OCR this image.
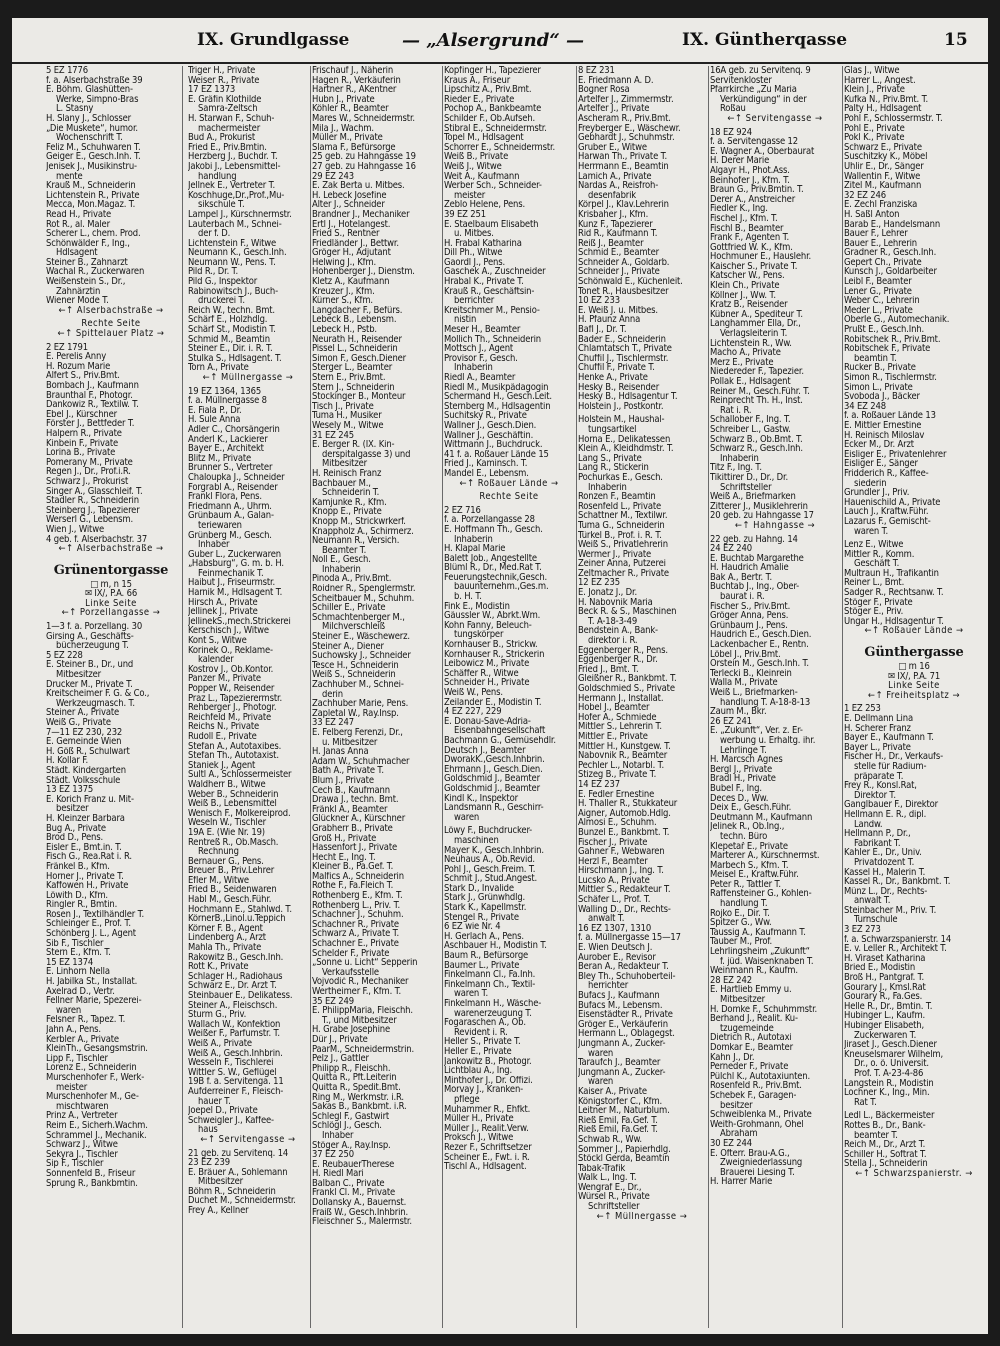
IX. Grundlgasse	— „Alsergrund“ —	IX. Güntherqasse	15
5 EZ 1776
f. a. Alserbachstraße 39
E. Böhm. Glashütten-
Werke, Simpno-Bras
L. Stasny
H. Slany J., Schlosser
„Die Muskete“, humor.
Wochenschrift T.
Feliz M., Schuhwaren T.
Geiger E., Gesch.Inh. T.
Jenisek J., Musikinstru-
mente
Krauß M., Schneiderin
Lichtenstein R., Private
Mecca, Mon.Magaz. T.
Read H., Private
Rot R., al. Maler
Scherer L., chem. Prod.
Schönwälder F., Ing.,
Hdlsagent
Steiner B., Zahnarzt
Wachal R., Zuckerwaren
Weißenstein S., Dr.,
Zahnärztin
Wiener Mode T.
←↑ Alserbachstraße →

Rechte Seite
←↑ Spittelauer Platz →

2 EZ 1791
E. Perelis Anny
H. Rozum Marie
Alfert S., Priv.Bmt.
Bombach J., Kaufmann
Braunthal F., Photogr.
Dankowiz R., Textilw. T.
Ebel J., Kürschner
Förster J., Bettfeder T.
Halpern R., Private
Kinbein F., Private
Lorina B., Private
Pomerany M., Private
Regen J., Dr., Prof.i.R.
Schwarz J., Prokurist
Singer A., Glasschleif. T.
Stadler R., Schneiderin
Steinberg J., Tapezierer
Werserl G., Lebensm.
Wien J., Witwe
4 geb. f. Alserbachstr. 37
←↑ Alserbachstraße →

Grünentorgasse
□ m, n 15
✉ IX/, P.A. 66
Linke Seite
←↑ Porzellangasse →

1—3 f. a. Porzellang. 30
Girsing A., Geschäfts-
bücherzeugung T.
5 EZ 228
E. Steiner B., Dr., und
Mitbesitzer
Drucker M., Private T.
Kreitscheimer F. G. & Co.,
Werkzeugmasch. T.
Steiner A., Private
Weiß G., Private
7—11 EZ 230, 232
E. Gemeinde Wien
H. Göß R., Schulwart
H. Kollar F.
Städt. Kindergarten
Städt. Volksschule
13 EZ 1375
E. Korich Franz u. Mit-
besitzer
H. Kleinzer Barbara
Bug A., Private
Brod D., Pens.
Eisler E., Bmt.in. T.
Fisch G., Rea.Rat i. R.
Fränkel B., Kfm.
Horner J., Private T.
Kaffowen H., Private
Löwith D., Kfm.
Ringler R., Bmtin.
Rosen J., Textilhändler T.
Schleinger E., Prof. T.
Schönberg J. L., Agent
Sib F., Tischler
Stern E., Kfm. T.
15 EZ 1374
E. Linhorn Nella
H. Jabilka St., Installat.
Axelrad D., Vertr.
Fellner Marie, Spezerei-
waren
Felsner R., Tapez. T.
Jahn A., Pens.
Kerbler A., Private
KleinTh., Gesangsmstrin.
Lipp F., Tischler
Lorenz E., Schneiderin
Murschenhofer F., Werk-
meister
Murschenhofer M., Ge-
mischtwaren
Prinz A., Vertreter
Reim E., Sicherh.Wachm.
Schrammel J., Mechanik.
Schwarz J., Witwe
Sekyra J., Tischler
Sip F., Tischler
Sonnenfeld B., Friseur
Sprung R., Bankbmtin.
Triger H., Private
Weiser R., Private
17 EZ 1373
E. Gräfin Klothilde
Samra-Zeltsch
H. Starwan F., Schuh-
machermeister
Bud A., Prokurist
Fried E., Priv.Bmtin.
Herzberg J., Buchdr. T.
Jakobi J., Lebensmittel-
handlung
Jellnek E., Vertreter T.
Koschhuge,Dr.,Prof.,Mu-
sikschule T.
Lampel J., Kürschnermstr.
Lauterbach M., Schnei-
der f. D.
Lichtenstein F., Witwe
Neumann K., Gesch.Inh.
Neumann W., Pens. T.
Pild R., Dr. T.
Pild G., Inspektor
Rabinowitsch J., Buch-
druckerei T.
Reich W., techn. Bmt.
Schärf E., Holzhdlg.
Schärf St., Modistin T.
Schmid M., Beamtin
Steiner E., Dir. i. R. T.
Stulka S., Hdlsagent. T.
Torn A., Private
←↑ Müllnergasse →

19 EZ 1364, 1365
f. a. Müllnergasse 8
E. Fiala P., Dr.
H. Sule Anna
Adler C., Chorsängerin
Anderl K., Lackierer
Bayer E., Architekt
Blitz M., Private
Brunner S., Vertreter
Chaloupka J., Schneider
Forgrabl A., Reisender
Frankl Flora, Pens.
Friedmann A., Uhrm.
Grünbaum A., Galan-
teriewaren
Grünberg M., Gesch.
Inhaber
Guber L., Zuckerwaren
„Habsburg“, G. m. b. H.
Feinmechanik T.
Haibut J., Friseurmstr.
Harnik M., Hdlsagent T.
Hirsch A., Private
Jellinek J., Private
JellinekS.,mech.Strickerei
Kerschisch J., Witwe
Kont S., Witwe
Korinek O., Reklame-
kalender
Kostrov J., Ob.Kontor.
Panzer M., Private
Popper W., Reisender
Praz L., Tapezierermstr.
Rehberger J., Photogr.
Reichfeld M., Private
Reichs N., Private
Rudoll E., Private
Stefan A., Autotaxibes.
Stefan Th., Autotaxist.
Staniek J., Agent
Sultl A., Schlossermeister
Waldherr B., Witwe
Weber B., Schneiderin
Weiß B., Lebensmittel
Wenisch F., Molkereiprod.
Weseln W., Tischler
19A E. (Wie Nr. 19)
Rentreß R., Ob.Masch.
Rechnung
Bernauer G., Pens.
Breuer B., Priv.Lehrer
Efler M., Witwe
Fried B., Seidenwaren
Habl M., Gesch.Führ.
Hochmann E., Stahlwd. T.
KörnerB.,Linol.u.Teppich
Körner F. B., Agent
Lindenberg A., Arzt
Mahla Th., Private
Rakowitz B., Gesch.Inh.
Rott K., Private
Schlager H., Radiohaus
Schwarz E., Dr. Arzt T.
Steinbauer E., Delikatess.
Steiner A., Fleischsch.
Sturm G., Priv.
Wallach W., Konfektion
Weißer F., Parfumstr. T.
Weiß A., Private
Weiß A., Gesch.Inhbrin.
Wesseln F., Tischlerei
Wittler S. W., Geflügel
19B f. a. Servitenga. 11
Aufderreiner F., Fleisch-
hauer T.
Joepel D., Private
Schweigler J., Kaffee-
haus
←↑ Servitengasse →

21 geb. zu Servitenq. 14
23 EZ 239
E. Bräuer A., Sohlemann
Mitbesitzer
Böhm R., Schneiderin
Duchet M., Schneidermstr.
Frey A., Kellner
Frischauf J., Näherin
Hagen R., Verkäuferin
Hartner R., AKentner
Hubn J., Private
Köhler R., Beamter
Mares W., Schneidermstr.
Mila J., Wachm.
Müller M., Private
Slama F., Befürsorge
25 geb. zu Hahngasse 19
27 geb. zu Hahngasse 16
29 EZ 243
E. Zak Berta u. Mitbes.
H. Lebeck Josefine
Alter J., Schneider
Brandner J., Mechaniker
Ertl J., Hotelangest.
Fried S., Rentner
Friedländer J., Bettwr.
Gröger H., Adjutant
Helwing J., Kfm.
Hohenberger J., Dienstm.
Kletz A., Kaufmann
Kreuzer J., Kfm.
Kürner S., Kfm.
Langdacher F., Befürs.
Lebeck B., Lebensm.
Lebeck H., Pstb.
Neurath H., Reisender
Pissel L., Schneiderin
Simon F., Gesch.Diener
Sterger L., Beamter
Stern E., Priv.Bmt.
Stern J., Schneiderin
Stockinger B., Monteur
Tisch J., Private
Tuma H., Musiker
Wesely M., Witwe
31 EZ 245
E. Berger R. (IX. Kin-
derspitalgasse 3) und
Mitbesitzer
H. Reinisch Franz
Bachbauer M.,
Schneiderin T.
Kamjunke R., Kfm.
Knopp E., Private
Knopp M., Strickwrkerf.
Knappholz A., Schirmerz.
Neumann R., Versich.
Beamter T.
Noll E., Gesch.
Inhaberin
Pinoda A., Priv.Bmt.
Roidner R., Spenglermstr.
Scheitbauer M., Schuhm.
Schiller E., Private
Schmachtenberger M.,
Milchverschleiß
Steiner E., Wäschewerz.
Steiner A., Diener
Suchowsky J., Schneider
Tesce H., Schneiderin
Weiß S., Schneiderin
Zachhuber M., Schnei-
derin
Zachhuber Marie, Pens.
Zapletal W., Ray.Insp.
33 EZ 247
E. Felberg Ferenzi, Dr.,
u. Mitbesitzer
H. Janas Anna
Adam W., Schuhmacher
Bath A., Private T.
Blum J., Private
Cech B., Kaufmann
Drawa J., techn. Bmt.
Fränkl A., Beamter
Glückner A., Kürschner
Grabherr B., Private
Groß H., Private
Hassenfort J., Private
Hecht E., Ing. T.
Kleiner B., Pa.Gef. T.
Malfics A., Schneiderin
Rothe F., Fa.Fleich T.
Rothenberg E., Kfm. T.
Rothenberg L., Priv. T.
Schachner J., Schuhm.
Schachner R., Private
Schwarz A., Private T.
Schachner E., Private
Schelder F., Private
„Sonne u. Licht“ Sepperin
Verkaufsstelle
Vojvodić R., Mechaniker
Wertheimer F., Kfm. T.
35 EZ 249
E. PhilippMaria, Fleischh.
T., und Mitbesitzer
H. Grabe Josephine
Dür J., Private
PaarM., Schneidermstrin.
Pelz J., Gattler
Philipp R., Fleischh.
Quitta R., Pft.Leiterin
Quitta R., Spedit.Bmt.
Ring M., Werkmstr. i.R.
Sakas B., Bankbmt. i.R.
Schlegl F., Gastwirt
Schlögl J., Gesch.
Inhaber
Stöger A., Ray.Insp.
37 EZ 250
E. ReubauerTherese
H. Riedl Mari
Balban C., Private
Frankl Cl. M., Private
Dollansky A., Bauernst.
Fraiß W., Gesch.Inhbrin.
Fleischner S., Malermstr.
Kopfinger H., Tapezierer
Kraus A., Friseur
Lipschitz A., Priv.Bmt.
Rieder E., Private
Pochop A., Bankbeamte
Schilder F., Ob.Aufseh.
Stibral E., Schneidermstr.
Topel M., Hdlsagent
Schorrer E., Schneidermstr.
Weiß B., Private
Weiß J., Witwe
Weit A., Kaufmann
Werber Sch., Schneider-
meister
Zeblo Helene, Pens.
39 EZ 251
E. Staelbaum Elisabeth
u. Mitbes.
H. Frabal Katharina
Dill Ph., Witwe
Gaordl J., Pens.
Gaschek A., Zuschneider
Hrabal K., Private T.
Krauß R., Geschäftsin-
berrichter
Kreitschmer M., Pensio-
nistin
Meser H., Beamter
Mollich Th., Schneiderin
Mottsch J., Agent
Provisor F., Gesch.
Inhaberin
Riedl A., Beamter
Riedl M., Musikpädagogin
Schermand H., Gesch.Leit.
Sternberg M., Hdlsagentin
Suchitsky R., Private
Wallner J., Gesch.Dien.
Wallner J., Geschäftin.
Wittmann J., Buchdruck.
41 f. a. Roßauer Lände 15
Fried J., Kaminsch. T.
Mandel E., Lebensm.
←↑ Roßauer Lände →

Rechte Seite

2 EZ 716
f. a. Porzellangasse 28
E. Hoffmann Th., Gesch.
Inhaberin
H. Klapal Marie
Balett Job., Angestellte
Blüml R., Dr., Med.Rat T.
Feuerungstechnik,Gesch.
bauunternehm.,Ges.m.
b. H. T.
Fink E., Modistin
Gäussler W., Abrkt.Wm.
Kohn Fanny, Beleuch-
tungskörper
Kornhauser B., Strickw.
Kornhauser R., Strickerin
Leibowicz M., Private
Schäffer R., Witwe
Schneider H., Private
Weiß W., Pens.
Zeilander E., Modistin T.
4 EZ 227, 229
E. Donau-Save-Adria-
Eisenbahngesellschaft
Bachmann G., Gemüsehdlr.
Deutsch J., Beamter
DworakK.,Gesch.Inhbrin.
Ehrmann J., Gesch.Dien.
Goldschmid J., Beamter
Goldschmid J., Beamter
Kindl K., Inspektor
Landsmann R., Geschirr-
waren

Löwy F., Buchdrucker-
maschinen
Mayer K., Gesch.Inhbrin.
Neuhaus A., Ob.Revid.
Pohl J., Gesch.Freim. T.
Schmit J., Stud.Angest.
Stark D., Invalide
Stark J., Grünwhdlg.
Stark K., Kapellmstr.
Stengel R., Private
6 EZ wie Nr. 4
H. Gerlach A., Pens.
Aschbauer H., Modistin T.
Baum R., Befürsorge
Baumer L., Private
Finkelmann Cl., Fa.Inh.
Finkelmann Ch., Textil-
waren T.
Finkelmann H., Wäsche-
warenerzeugung T.
Fogaraschen A., Ob.
Revident i. R.
Heller S., Private T.
Heller E., Private
Jankowitz B., Photogr.
Lichtblau A., Ing.
Minthofer J., Dr. Offizi.
Morvay J., Kranken-
pflege
Muhammer R., Ehfkt.
Müller H., Private
Müller J., Realit.Verw.
Proksch J., Witwe
Rezer F., Schriftsetzer
Scheiner E., Fwt. i. R.
Tischl A., Hdlsagent.
8 EZ 231
E. Friedmann A. D.
Bogner Rosa
Artelfer J., Zimmermstr.
Artelfer J., Private
Ascheram R., Priv.Bmt.
Freyberger E., Wäschewr.
Gebhardt J., Schuhmstr.
Gruber E., Witwe
Harwan Th., Private T.
Herrmann E., Beamtin
Lamich A., Private
Nardas A., Reisfroh-
desenfabrik
Körpel J., Klav.Lehrerin
Krisbaher J., Kfm.
Kunz F., Tapezierer
Rid R., Kaufmann T.
Reiß J., Beamter
Schmid E., Beamter
Schneider A., Goldarb.
Schneider J., Private
Schönwald E., Küchenleit.
Tonet R., Hausbesitzer
10 EZ 233
E. Weiß J. u. Mitbes.
H. Pfaunz Anna
Bafl J., Dr. T.
Bader E., Schneiderin
Chlamtatsch T., Private
Chuffil J., Tischlermstr.
Chuffil F., Private T.
Henke A., Private
Hesky B., Reisender
Hesky B., Hdlsagentur T.
Holstein J., Postkontr.

Holstein M., Haushal-
tungsartikel
Horna E., Delikatessen
Klein A., Kleidhdmstr. T.
Lang S., Private
Lang R., Stickerin
Pochurkas E., Gesch.
Inhaberin
Ronzen F., Beamtin
Rosenfeld L., Private
Schattner M., Textilwr.
Tuma G., Schneiderin
Türkel B., Prof. i. R. T.
Weiß S., Privatlehrerin
Wermer J., Private
Zeiner Anna, Putzerei
Zeltmacher R., Private
12 EZ 235
E. Jonatz J., Dr.
H. Nabovnik Maria
Beck R. & S., Maschinen
T. A-18-3-49
Bendstein A., Bank-
direktor i. R.
Eggenberger R., Pens.
Eggenberger R., Dr.
Fried J., Bmt. T.
Gleißner R., Bankbmt. T.
Goldschmied S., Private
Hermann J., Installat.
Hobel J., Beamter
Hofer A., Schmiede
Mittler S., Lehrerin T.
Mittler E., Private
Mittler H., Kunstgew. T.
Nabovnik R., Beamter
Pechler L., Notarbl. T.
Stizeg B., Private T.
14 EZ 237
E. Fedler Ernestine
H. Thaller R., Stukkateur
Aigner, Automob.Hdlg.
Almosi E., Schuhm.
Bunzel E., Bankbmt. T.
Fischer J., Private
Gahner F., Webwaren
Herzl F., Beamter
Hirschmann J., Ing. T.
Lucsko A., Private
Mittler S., Redakteur T.
Schäfer L., Prof. T.
Walling D., Dr., Rechts-
anwalt T.
16 EZ 1307, 1310
f. a. Müllnergasse 15—17
E. Wien Deutsch J.
Aurober E., Revisor
Beran A., Redakteur T.
Bley Th., Schuhoberteil-
herrichter
Bufacs J., Kaufmann
Bufacs M., Lebensm.
Eisenstädter R., Private
Gröger E., Verkäuferin
Hermann L., Oblagegst.
Jungmann A., Zucker-
waren
Taraufch J., Beamter
Jungmann A., Zucker-
waren
Kaiser A., Private
Königstorfer C., Kfm.
Leitner M., Naturblum.
Rieß Emil, Fa.Gef. T.
Rieß Emil, Fa.Gef. T.
Schwab R., Ww.
Sommer J., Papierhdlg.
Stöckl Gerda, Beamtin
Tabak-Trafik
Walk L., Ing. T.
Wengraf E., Dr.,
Würsel R., Private
Schriftsteller
←↑ Müllnergasse →
16A geb. zu Servitenq. 9
Servitenkloster
Pfarrkirche „Zu Maria
Verkündigung“ in der
Roßau
←↑ Servitengasse →

18 EZ 924
f. a. Servitengasse 12
E. Wagner A., Oberbaurat
H. Derer Marie
Algayr H., Phot.Ass.
Beinhofer J., Kfm. T.
Braun G., Priv.Bmtin. T.
Derer A., Anstreicher
Fiedler K., Ing.
Fischel J., Kfm. T.
Fischl B., Beamter
Frank F., Agenten T.
Gottfried W. K., Kfm.
Hochmuner E., Hauslehr.
Kaischer S., Private T.
Katscher W., Pens.
Klein Ch., Private
Köllner J., Ww. T.
Kratz B., Reisender
Kübner A., Spediteur T.
Langhammer Ella, Dr.,
Verlagsleiterin T.
Lichtenstein R., Ww.
Macho A., Private
Merz E., Private
Niedereder F., Tapezier.
Pollak E., Hdlsagent
Reiner M., Gesch.Führ. T.
Reinprecht Th. H., Inst.
Rat i. R.
Schallober F., Ing. T.
Schreiber L., Gastw.
Schwarz B., Ob.Bmt. T.
Schwarz R., Gesch.Inh.
Inhaberin
Titz F., Ing. T.
Tikittirer D., Dr., Dr.
Schriftsteller
Weiß A., Briefmarken
Zitterer J., Musiklehrerin
20 geb. zu Hahngasse 17
←↑ Hahngasse →

22 geb. zu Hahng. 14
24 EZ 240
E. Buchtab Margarethe
H. Haudrich Amalie
Bak A., Bertr. T.
Buchtab J., Ing., Ober-
baurat i. R.
Fischer S., Priv.Bmt.
Gröger Anna, Pens.
Grünbaum J., Pens.
Haudrich E., Gesch.Dien.
Lackenbacher E., Rentn.
Löbel J., Priv.Bmt.
Orstein M., Gesch.Inh. T.
Terlecki B., Kleinrein
Walla M., Private
Weiß L., Briefmarken-
handlung T. A-18-8-13
Zaum M., Bkr.
26 EZ 241
E. „Zukunft“, Ver. z. Er-
werbung u. Erhaltg. ihr.
Lehrlinge T.
H. Marcsch Agnes
Bergl J., Private
Bradl H., Private
Bubel F., Ing.
Deces D., Ww.
Deix E., Gesch.Führ.
Deutmann M., Kaufmann
Jelinek R., Ob.Ing.,
techn. Büro
Klepetař E., Private
Marterer A., Kürschnermst.
Marbech S., Kfm. T.
Meisel E., Kraftw.Führ.
Peter R., Tattler T.
Raffensteiner G., Kohlen-
handlung T.
Rojko E., Dir. T.
Spitzer G., Ww.
Taussig A., Kaufmann T.
Tauber M., Prof.
Lehrlingsheim „Zukunft“
f. jüd. Waisenknaben T.
Weinmann R., Kaufm.
28 EZ 242
E. Hartlieb Emmy u.
Mitbesitzer
H. Domke F., Schuhmmstr.
Berhand J., Realit. Ku-
tzugemeinde
Dietrich R., Autotaxi
Domkar E., Beamter
Kahn J., Dr.
Perneder F., Private
Pülchl K., Autotaxiunten.
Rosenfeld R., Priv.Bmt.
Schebek F., Garagen-
besitzer
Schweiblenka M., Private
Weith-Grohmann, Ohel
Abraham
30 EZ 244
E. Öfterr. Brau-A.G.,
Zweigniederlassung
Brauerei Liesing T.
H. Harrer Marie
Glas J., Witwe
Harrer L., Angest.
Klein J., Private
Kufka N., Priv.Bmt. T.
Palty H., Hdlsagent
Pohl F., Schlossermstr. T.
Pohl E., Private
Pokl K., Private
Schwarz E., Private
Suschitzky K., Möbel
Uhlir E., Dr., Sänger
Wallentin F., Witwe
Zitel M., Kaufmann
32 EZ 246
E. Zechl Franziska
H. Saßl Anton
Barab E., Handelsmann
Bauer F., Lehrer
Bauer E., Lehrerin
Gradner R., Gesch.Inh.
Gepert Ch., Private
Kunsch J., Goldarbeiter
Leibl F., Beamter
Lener G., Private
Weber C., Lehrerin
Meder L., Private
Oberle G., Automechanik.
Prußt E., Gesch.Inh.
Robitschek R., Priv.Bmt.
Robitschek F., Private
beamtin T.
Rucker B., Private
Simon R., Tischlermstr.
Simon L., Private
Svoboda J., Bäcker
34 EZ 248
f. a. Roßauer Lände 13
E. Mittler Ernestine
H. Reinisch Miloslav
Ecker M., Dr. Arzt
Eisliger E., Privatenlehrer
Eisliger E., Sänger
Fridderich R., Kaffee-
siederin
Grundler J., Priv.
Hauenischild A., Private
Lauch J., Kraftw.Führ.
Lazarus F., Gemischt-
waren T.

Lenz E., Witwe
Mittler R., Komm.
Geschäft T.
Multraun H., Trafikantin
Reiner L., Bmt.
Sadger R., Rechtsanw. T.
Stöger F., Private
Stöger E., Priv.
Ungar H., Hdlsagentur T.
←↑ Roßauer Lände →

Günthergasse
□ m 16
✉ IX/, P.A. 71
Linke Seite
←↑ Freiheitsplatz →

1 EZ 253
E. Dellmann Lina
H. Scherer Franz
Bayer E., Kaufmann T.
Bayer L., Private
Fischer H., Dr., Verkaufs-
stelle für Radium-
präparate T.
Frey R., Konsl.Rat,
Direktor T.
Ganglbauer F., Direktor
Hellmann E. R., dipl.
Landw.
Hellmann P., Dr.,
Fabrikant T.
Kahler E., Dr., Univ.
Privatdozent T.
Kassel H., Malerin T.
Kassel R., Dr., Bankbmt. T.
Münz L., Dr., Rechts-
anwalt T.
Steinbacher M., Priv. T.
Turnschule
3 EZ 273
f. a. Schwarzspanierstr. 14
E. v. Leller R., Architekt T.
H. Viraset Katharina
Bried E., Modistin
Broß H., Pantgraf. T.
Gourary J., Kmsl.Rat
Gourary R., Fa.Ges.
Helle R., Dr., Bmtin. T.
Hubinger L., Kaufm.
Hubinger Elisabeth,
Zuckerwaren T.
Jiraset J., Gesch.Diener
Kneuselsmarer Wilhelm,
Dr., o. ö. Universit.
Prof. T. A-23-4-86
Langstein R., Modistin
Lochner K., Ing., Min.
Rat T.

Ledl L., Bäckermeister
Rottes B., Dr., Bank-
beamter T.
Reich M., Dr., Arzt T.
Schiller H., Softrat T.
Stella J., Schneiderin
←↑ Schwarzspanierstr. →
